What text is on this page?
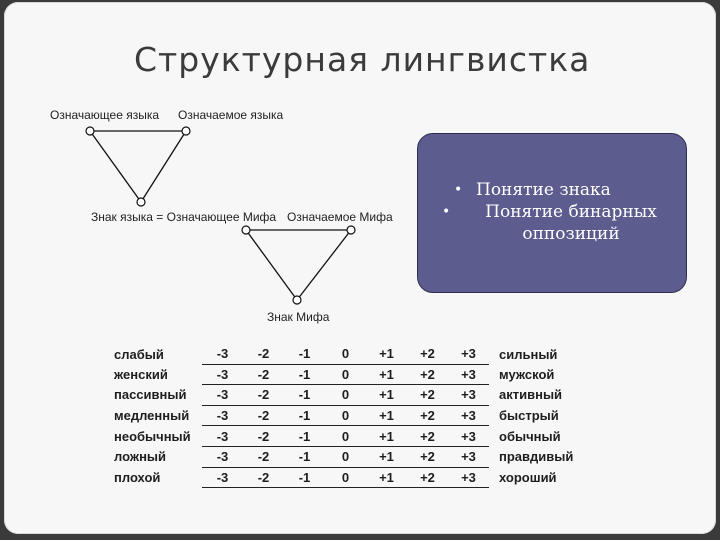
Структурная лингвистка
Означающее языка Означаемое языка
Знак языка = Означающее Мифа Означаемое Мифа
Знак Мифа
• Понятие знака
• Понятие бинарных оппозиций
слабый	-3	-2	-1	0	+1	+2	+3	сильный
женский	-3	-2	-1	0	+1	+2	+3	мужской
пассивный	-3	-2	-1	0	+1	+2	+3	активный
медленный	-3	-2	-1	0	+1	+2	+3	быстрый
необычный	-3	-2	-1	0	+1	+2	+3	обычный
ложный	-3	-2	-1	0	+1	+2	+3	правдивый
плохой	-3	-2	-1	0	+1	+2	+3	хороший
